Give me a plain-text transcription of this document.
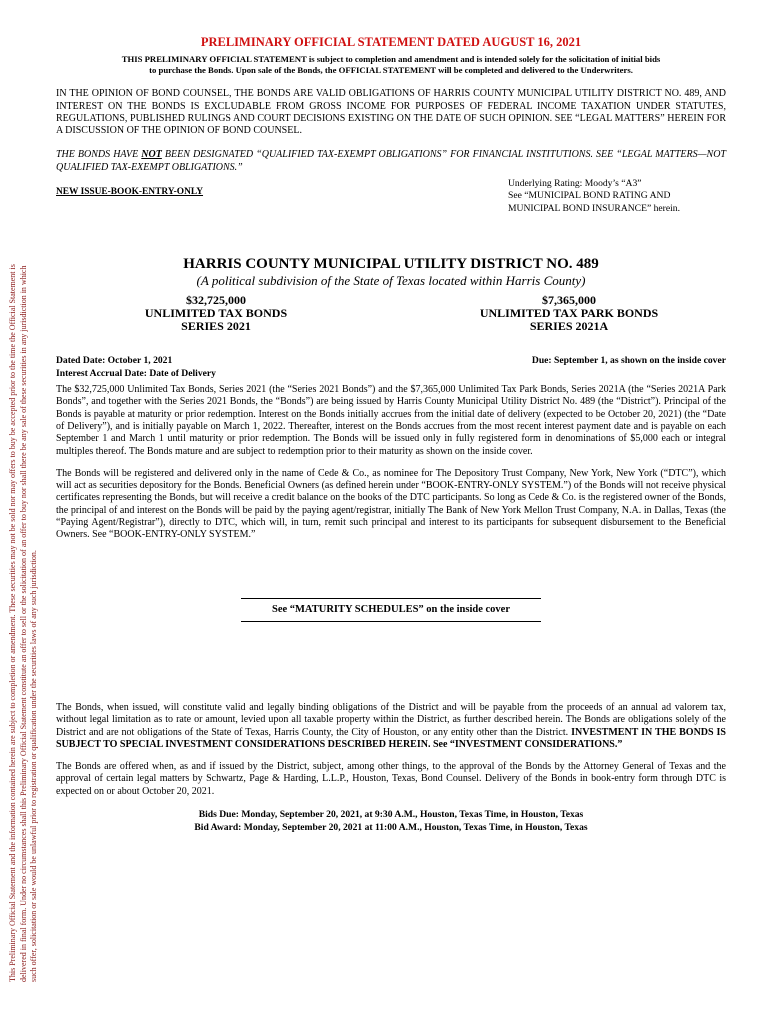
This Preliminary Official Statement and the information contained herein are subject to completion or amendment. These securities may not be sold nor may offers to buy be accepted prior to the time the Official Statement is delivered in final form. Under no circumstances shall this Preliminary Official Statement constitute an offer to sell or the solicitation of an offer to buy nor shall there be any sale of these securities in any jurisdiction in which such offer, solicitation or sale would be unlawful prior to registration or qualification under the securities laws of any such jurisdiction.
PRELIMINARY OFFICIAL STATEMENT DATED AUGUST 16, 2021
THIS PRELIMINARY OFFICIAL STATEMENT is subject to completion and amendment and is intended solely for the solicitation of initial bids
to purchase the Bonds. Upon sale of the Bonds, the OFFICIAL STATEMENT will be completed and delivered to the Underwriters.
IN THE OPINION OF BOND COUNSEL, THE BONDS ARE VALID OBLIGATIONS OF HARRIS COUNTY MUNICIPAL UTILITY DISTRICT NO. 489, AND INTEREST ON THE BONDS IS EXCLUDABLE FROM GROSS INCOME FOR PURPOSES OF FEDERAL INCOME TAXATION UNDER STATUTES, REGULATIONS, PUBLISHED RULINGS AND COURT DECISIONS EXISTING ON THE DATE OF SUCH OPINION. SEE “LEGAL MATTERS” HEREIN FOR A DISCUSSION OF THE OPINION OF BOND COUNSEL.
THE BONDS HAVE NOT BEEN DESIGNATED “QUALIFIED TAX-EXEMPT OBLIGATIONS” FOR FINANCIAL INSTITUTIONS. SEE “LEGAL MATTERS—NOT QUALIFIED TAX-EXEMPT OBLIGATIONS.”
NEW ISSUE-BOOK-ENTRY-ONLY
Underlying Rating: Moody’s “A3”
See “MUNICIPAL BOND RATING AND
MUNICIPAL BOND INSURANCE” herein.
HARRIS COUNTY MUNICIPAL UTILITY DISTRICT NO. 489
(A political subdivision of the State of Texas located within Harris County)
$32,725,000
UNLIMITED TAX BONDS
SERIES 2021
$7,365,000
UNLIMITED TAX PARK BONDS
SERIES 2021A
Dated Date: October 1, 2021
Interest Accrual Date: Date of Delivery
Due: September 1, as shown on the inside cover

The $32,725,000 Unlimited Tax Bonds, Series 2021 (the “Series 2021 Bonds”) and the $7,365,000 Unlimited Tax Park Bonds, Series 2021A (the “Series 2021A Park Bonds”, and together with the Series 2021 Bonds, the “Bonds”) are being issued by Harris County Municipal Utility District No. 489 (the “District”). Principal of the Bonds is payable at maturity or prior redemption. Interest on the Bonds initially accrues from the initial date of delivery (expected to be October 20, 2021) (the “Date of Delivery”), and is initially payable on March 1, 2022. Thereafter, interest on the Bonds accrues from the most recent interest payment date and is payable on each September 1 and March 1 until maturity or prior redemption. The Bonds will be issued only in fully registered form in denominations of $5,000 each or integral multiples thereof. The Bonds mature and are subject to redemption prior to their maturity as shown on the inside cover.

The Bonds will be registered and delivered only in the name of Cede & Co., as nominee for The Depository Trust Company, New York, New York (“DTC”), which will act as securities depository for the Bonds. Beneficial Owners (as defined herein under “BOOK-ENTRY-ONLY SYSTEM.”) of the Bonds will not receive physical certificates representing the Bonds, but will receive a credit balance on the books of the DTC participants. So long as Cede & Co. is the registered owner of the Bonds, the principal of and interest on the Bonds will be paid by the paying agent/registrar, initially The Bank of New York Mellon Trust Company, N.A. in Dallas, Texas (the “Paying Agent/Registrar”), directly to DTC, which will, in turn, remit such principal and interest to its participants for subsequent disbursement to the Beneficial Owners. See “BOOK-ENTRY-ONLY SYSTEM.”

See “MATURITY SCHEDULES” on the inside cover

The Bonds, when issued, will constitute valid and legally binding obligations of the District and will be payable from the proceeds of an annual ad valorem tax, without legal limitation as to rate or amount, levied upon all taxable property within the District, as further described herein. The Bonds are obligations solely of the District and are not obligations of the State of Texas, Harris County, the City of Houston, or any entity other than the District. INVESTMENT IN THE BONDS IS SUBJECT TO SPECIAL INVESTMENT CONSIDERATIONS DESCRIBED HEREIN. See “INVESTMENT CONSIDERATIONS.”

The Bonds are offered when, as and if issued by the District, subject, among other things, to the approval of the Bonds by the Attorney General of Texas and the approval of certain legal matters by Schwartz, Page & Harding, L.L.P., Houston, Texas, Bond Counsel. Delivery of the Bonds in book-entry form through DTC is expected on or about October 20, 2021.

Bids Due: Monday, September 20, 2021, at 9:30 A.M., Houston, Texas Time, in Houston, Texas
Bid Award: Monday, September 20, 2021 at 11:00 A.M., Houston, Texas Time, in Houston, Texas
